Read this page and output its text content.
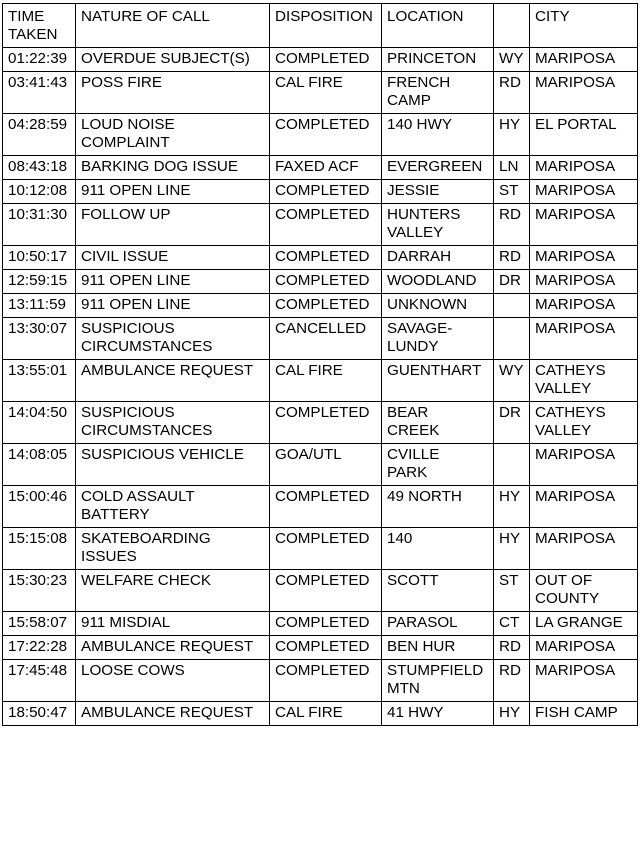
TIME
TAKEN	NATURE OF CALL	DISPOSITION	LOCATION		CITY

01:22:39	OVERDUE SUBJECT(S)	COMPLETED	PRINCETON	WY	MARIPOSA

03:41:43	POSS FIRE	CAL FIRE	FRENCH
CAMP	RD	MARIPOSA

04:28:59	LOUD NOISE
COMPLAINT	COMPLETED	140 HWY	HY	EL PORTAL

08:43:18	BARKING DOG ISSUE	FAXED ACF	EVERGREEN	LN	MARIPOSA

10:12:08	911 OPEN LINE	COMPLETED	JESSIE	ST	MARIPOSA

10:31:30	FOLLOW UP	COMPLETED	HUNTERS
VALLEY	RD	MARIPOSA

10:50:17	CIVIL ISSUE	COMPLETED	DARRAH	RD	MARIPOSA

12:59:15	911 OPEN LINE	COMPLETED	WOODLAND	DR	MARIPOSA

13:11:59	911 OPEN LINE	COMPLETED	UNKNOWN		MARIPOSA

13:30:07	SUSPICIOUS
CIRCUMSTANCES	CANCELLED	SAVAGE-
LUNDY		MARIPOSA

13:55:01	AMBULANCE REQUEST	CAL FIRE	GUENTHART	WY	CATHEYS
VALLEY

14:04:50	SUSPICIOUS
CIRCUMSTANCES	COMPLETED	BEAR
CREEK	DR	CATHEYS
VALLEY

14:08:05	SUSPICIOUS VEHICLE	GOA/UTL	CVILLE
PARK		MARIPOSA

15:00:46	COLD ASSAULT
BATTERY	COMPLETED	49 NORTH	HY	MARIPOSA

15:15:08	SKATEBOARDING
ISSUES	COMPLETED	140	HY	MARIPOSA

15:30:23	WELFARE CHECK	COMPLETED	SCOTT	ST	OUT OF
COUNTY

15:58:07	911 MISDIAL	COMPLETED	PARASOL	CT	LA GRANGE

17:22:28	AMBULANCE REQUEST	COMPLETED	BEN HUR	RD	MARIPOSA

17:45:48	LOOSE COWS	COMPLETED	STUMPFIELD
MTN	RD	MARIPOSA

18:50:47	AMBULANCE REQUEST	CAL FIRE	41 HWY	HY	FISH CAMP
